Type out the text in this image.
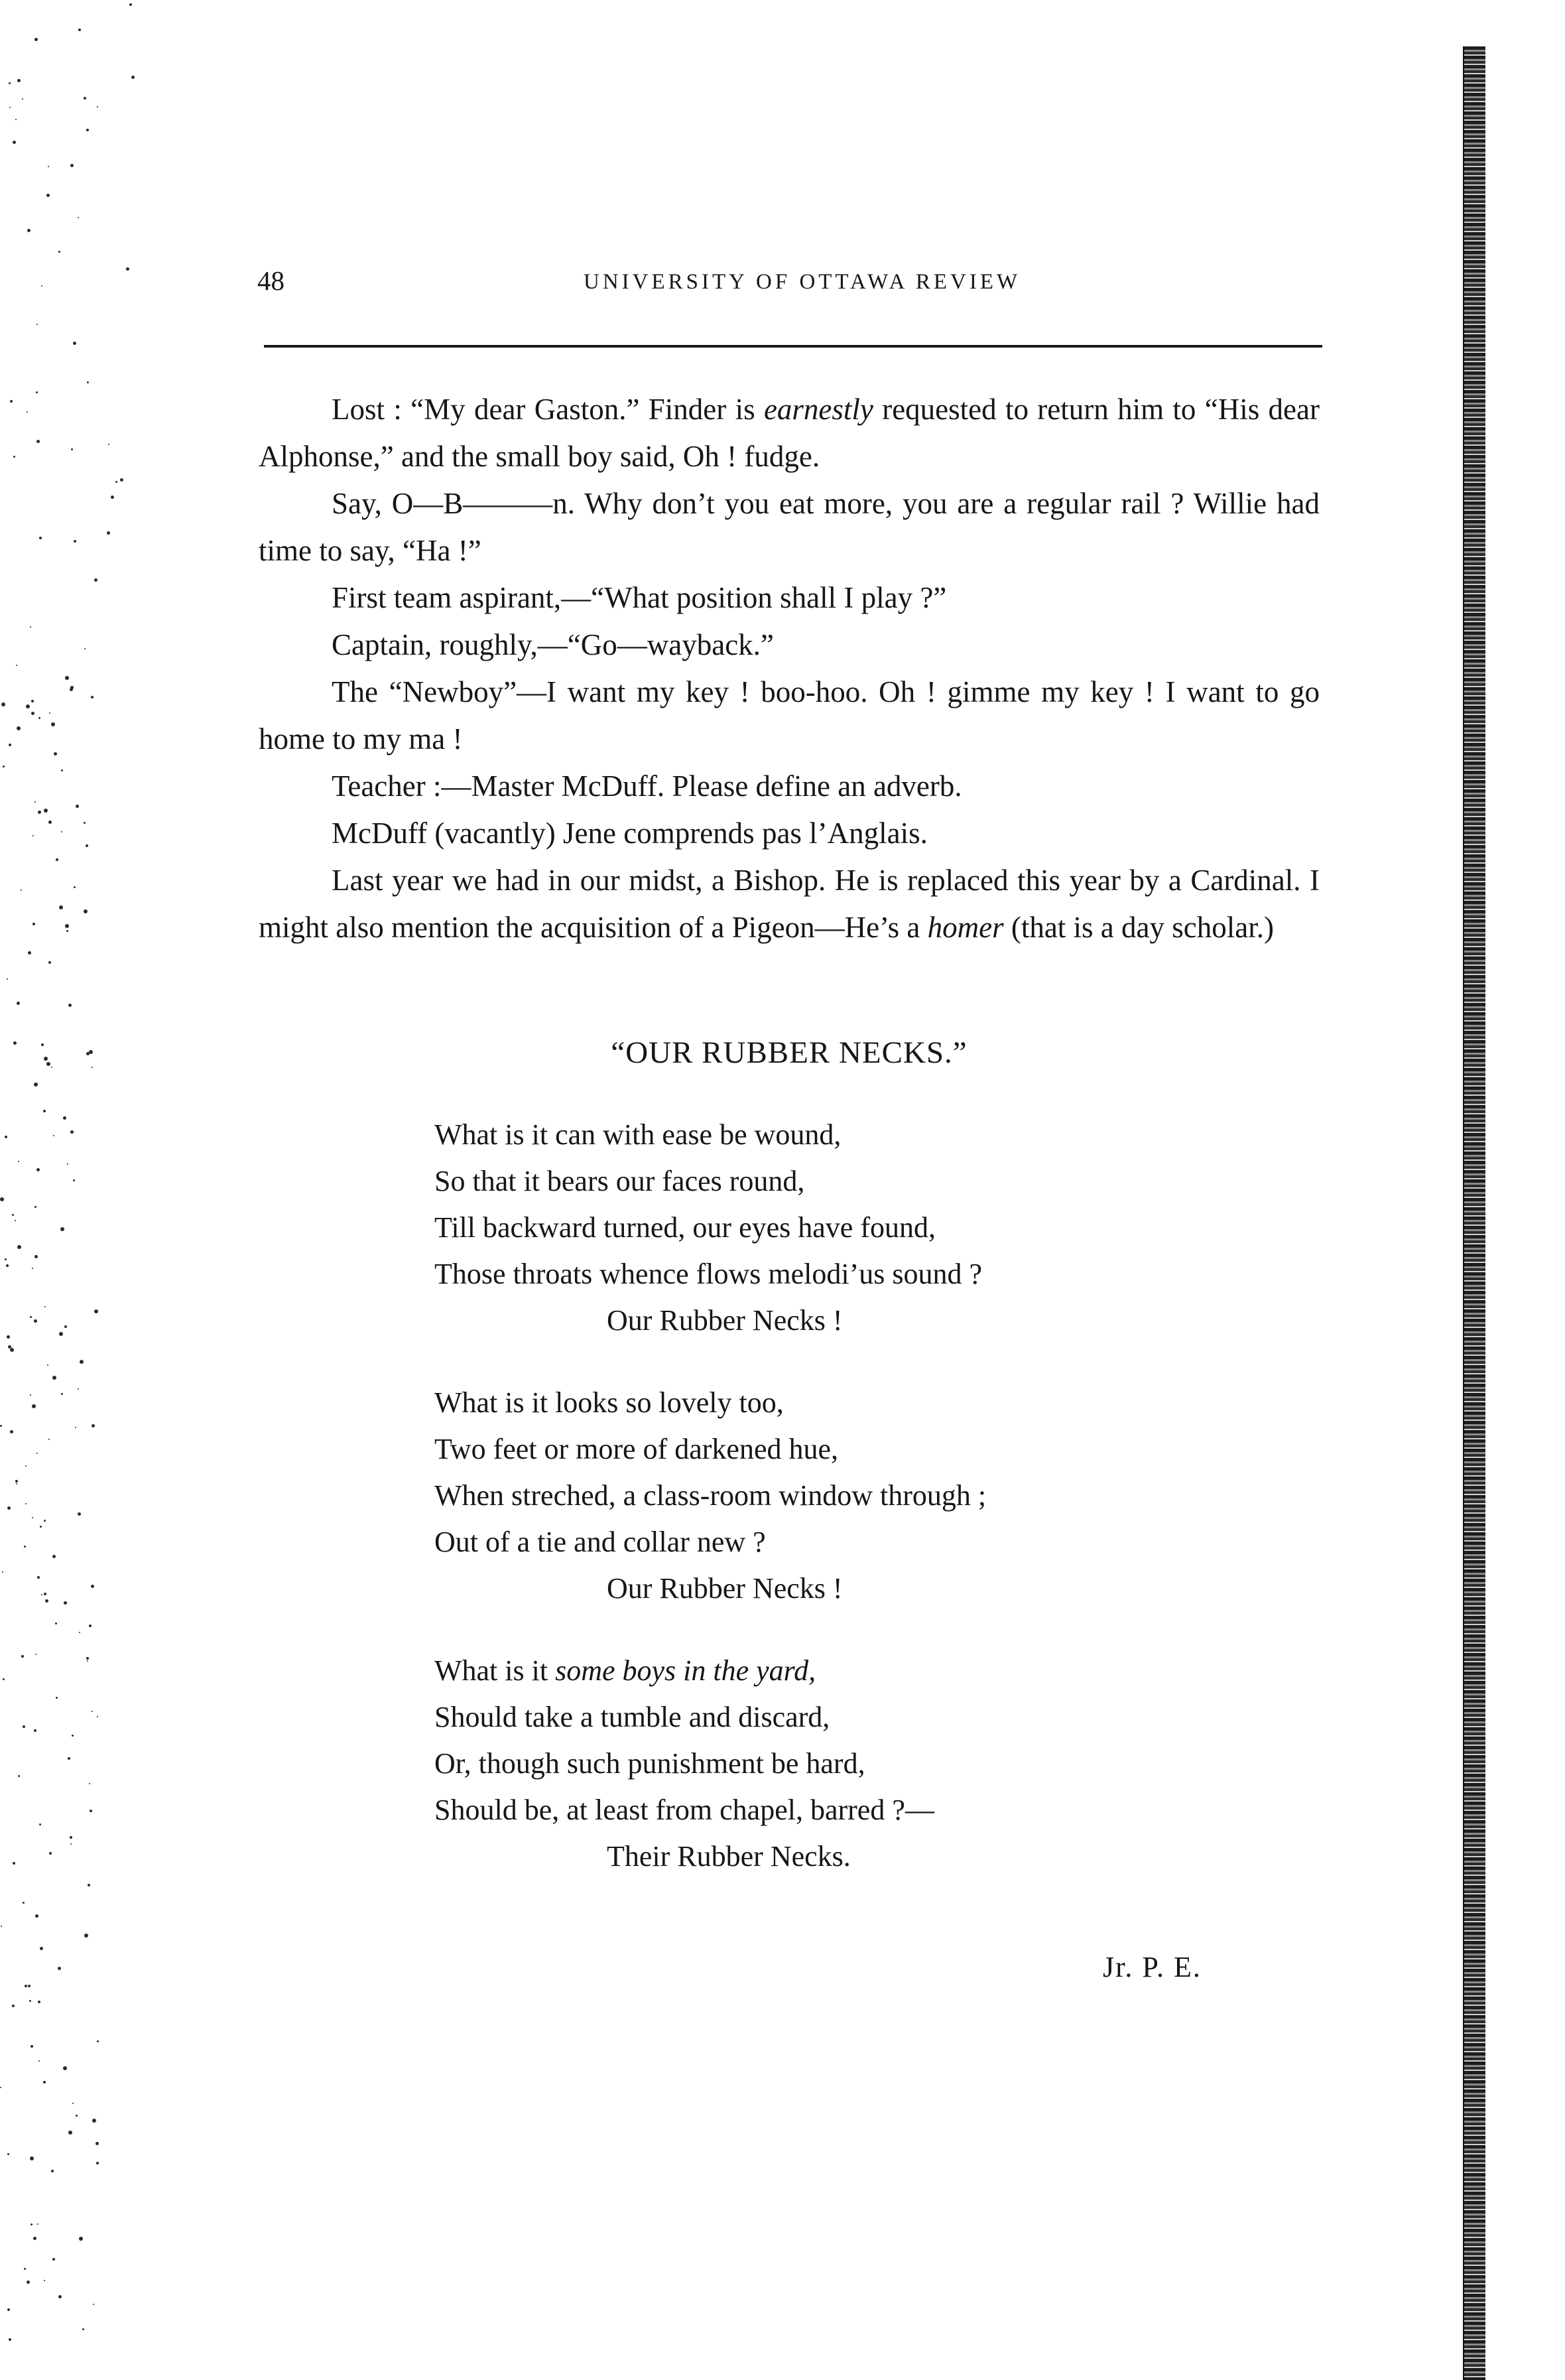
48	UNIVERSITY OF OTTAWA REVIEW

Lost : “My dear Gaston.” Finder is earnestly requested to return him to “His dear Alphonse,” and the small boy said, Oh ! fudge.

Say, O—B———n. Why don’t you eat more, you are a regular rail ? Willie had time to say, “Ha !”

First team aspirant,—“What position shall I play ?”

Captain, roughly,—“Go—wayback.”

The “Newboy”—I want my key ! boo-hoo. Oh ! gimme my key ! I want to go home to my ma !

Teacher :—Master McDuff. Please define an adverb.

McDuff (vacantly) Jene comprends pas l’Anglais.

Last year we had in our midst, a Bishop. He is replaced this year by a Cardinal. I might also mention the acquisition of a Pigeon—He’s a homer (that is a day scholar.)

“OUR RUBBER NECKS.”
What is it can with ease be wound,
So that it bears our faces round,
Till backward turned, our eyes have found,
Those throats whence flows melodi’us sound ?
Our Rubber Necks !
What is it looks so lovely too,
Two feet or more of darkened hue,
When streched, a class-room window through ;
Out of a tie and collar new ?
Our Rubber Necks !
What is it some boys in the yard,
Should take a tumble and discard,
Or, though such punishment be hard,
Should be, at least from chapel, barred ?—
Their Rubber Necks.

Jr. P. E.
